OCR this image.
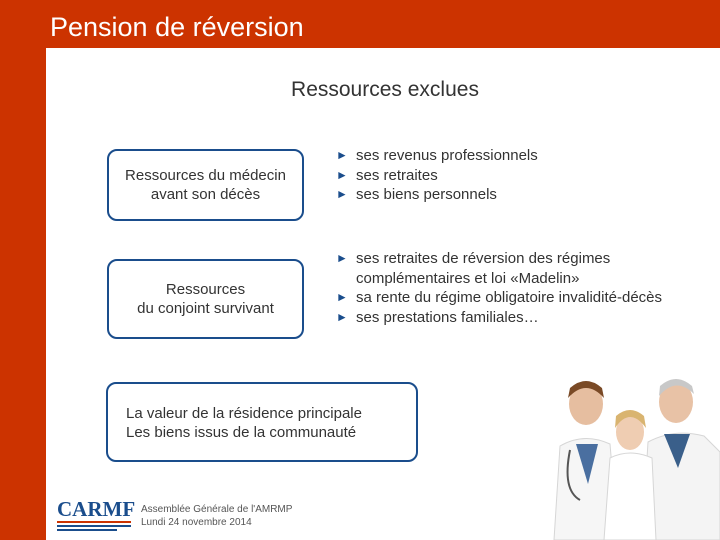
Pension de réversion
Ressources exclues
Ressources du médecin
avant son décès
► ses revenus professionnels
► ses retraites
► ses biens personnels
Ressources
du conjoint survivant
► ses retraites de réversion des régimes complémentaires et loi «Madelin»
► sa rente du régime obligatoire invalidité-décès
► ses prestations familiales…
La valeur de la résidence principale
Les biens issus de la communauté
CARMF Assemblée Générale de l'AMRMP
Lundi 24 novembre 2014
